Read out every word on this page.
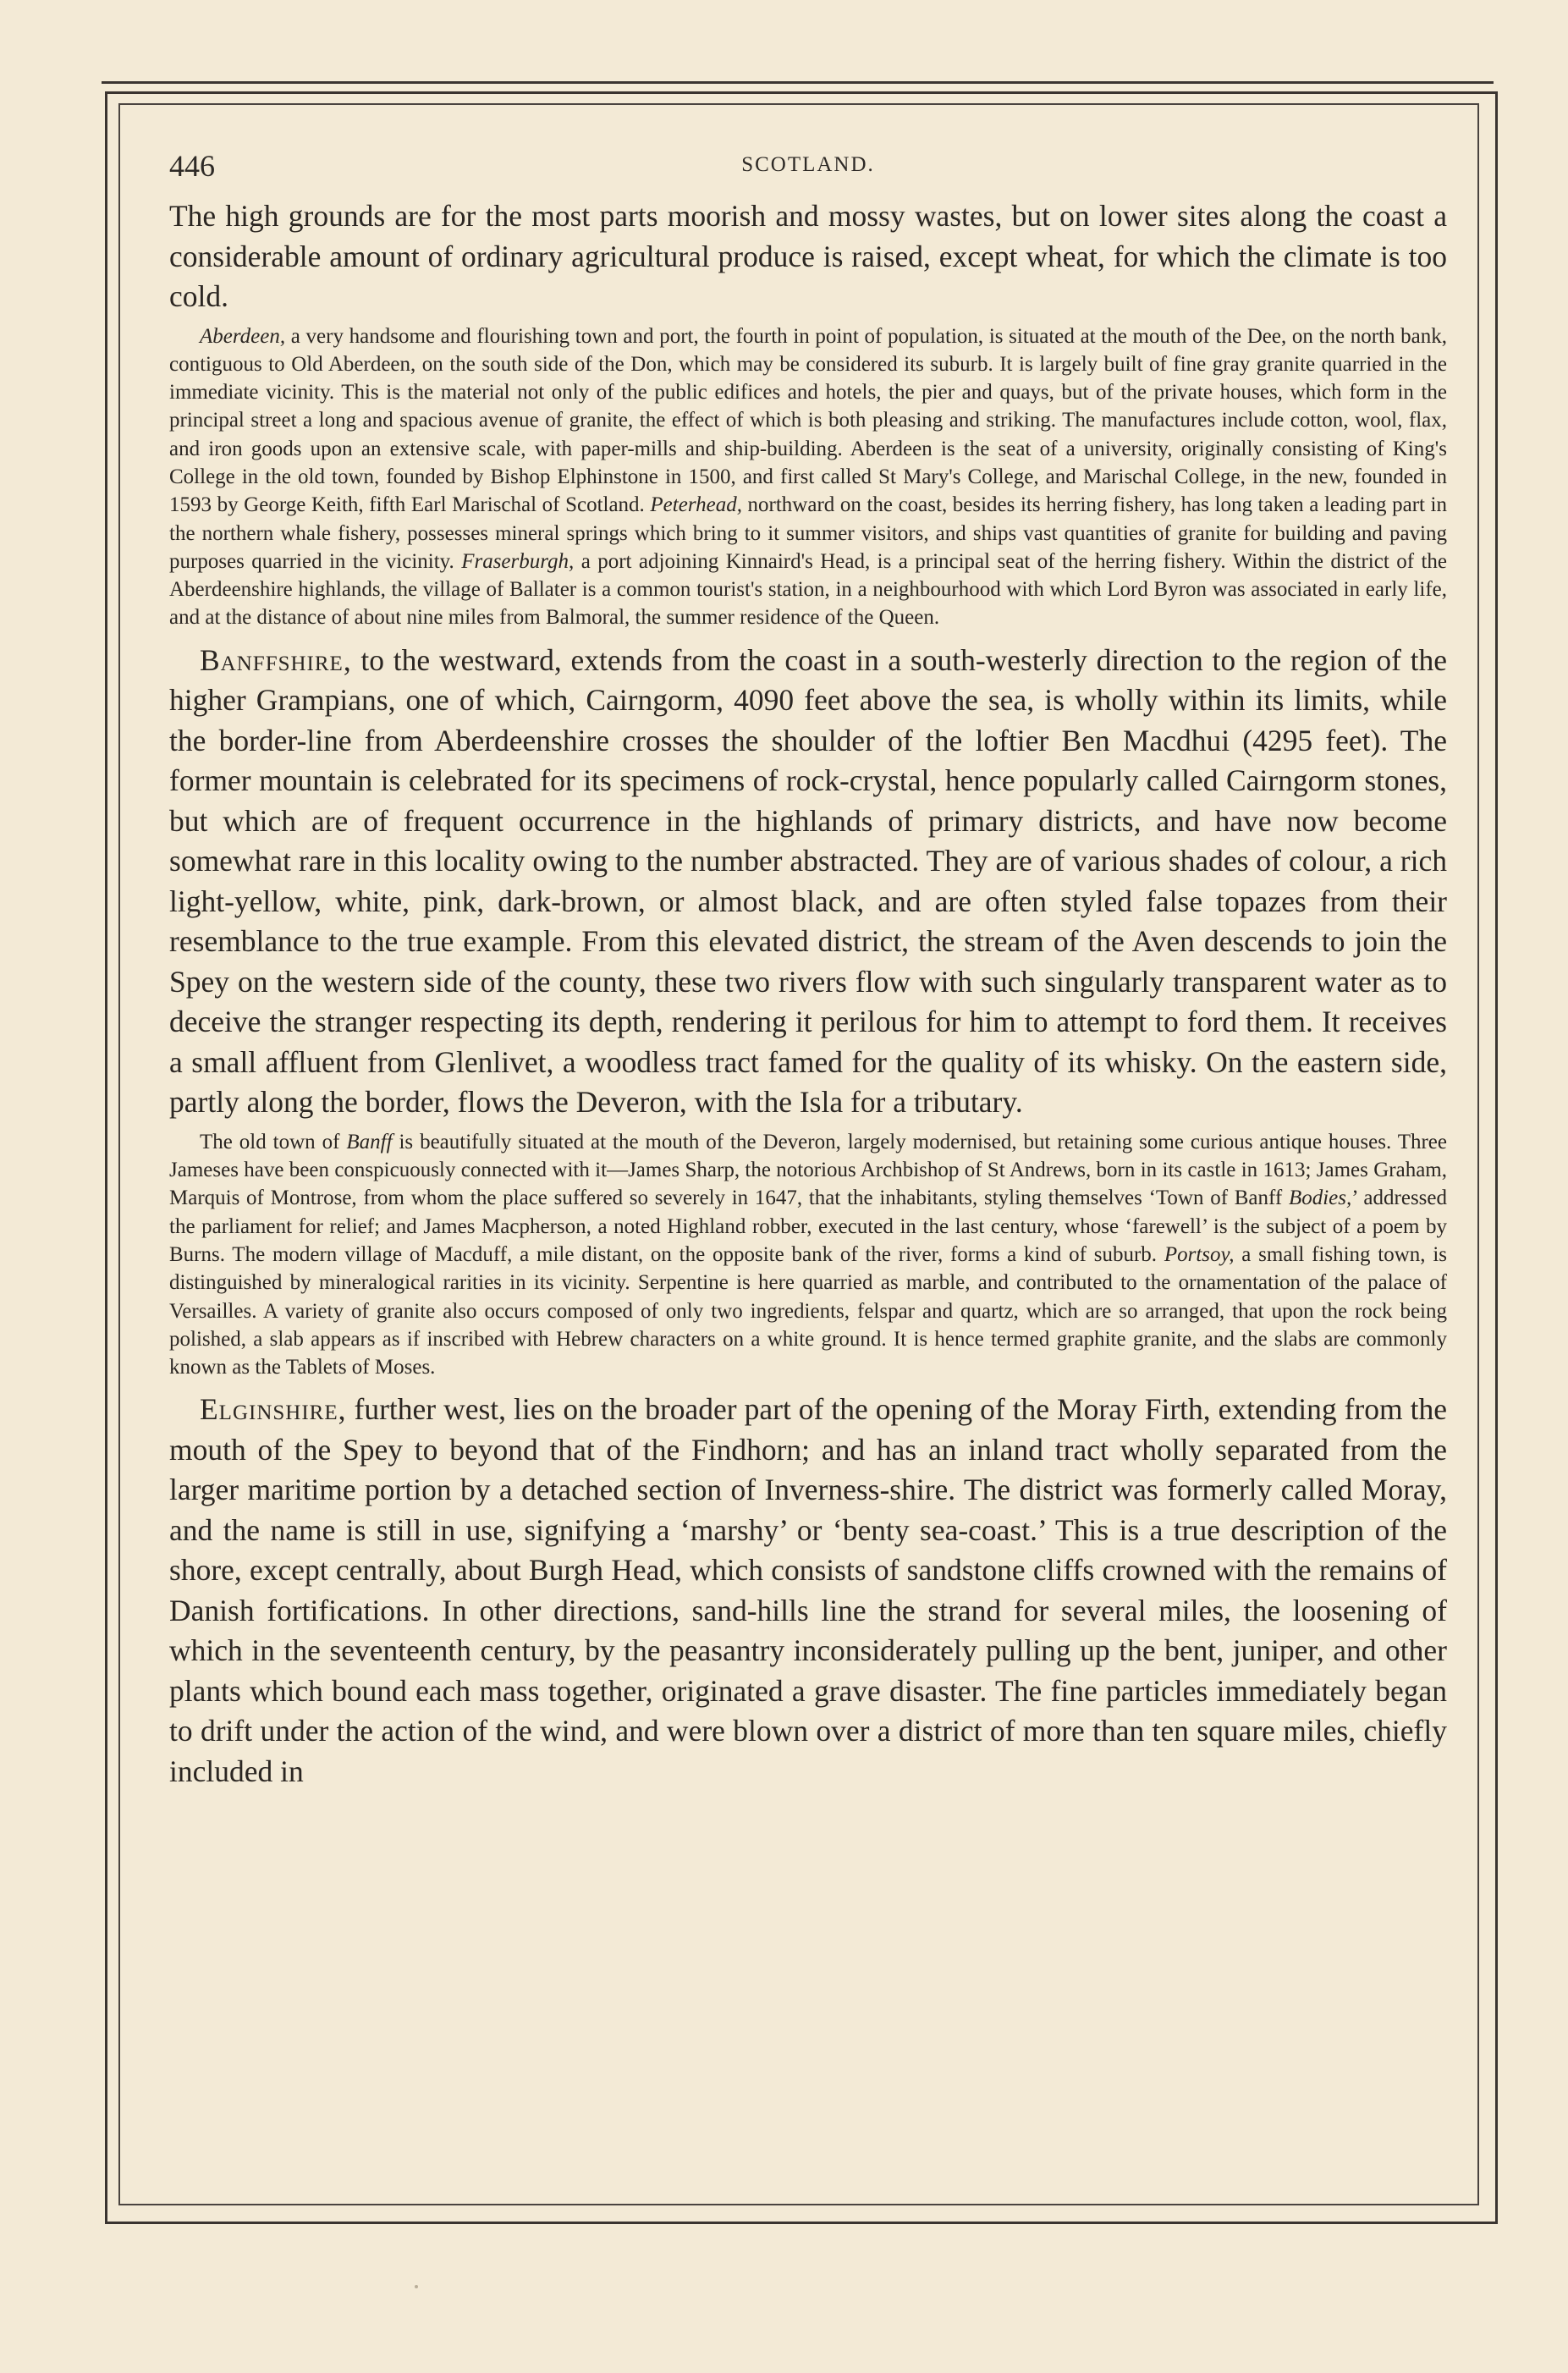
446	SCOTLAND.

The high grounds are for the most parts moorish and mossy wastes, but on lower sites along the coast a considerable amount of ordinary agricultural produce is raised, except wheat, for which the climate is too cold.

Aberdeen, a very handsome and flourishing town and port, the fourth in point of population, is situated at the mouth of the Dee, on the north bank, contiguous to Old Aberdeen, on the south side of the Don, which may be considered its suburb. It is largely built of fine gray granite quarried in the immediate vicinity. This is the material not only of the public edifices and hotels, the pier and quays, but of the private houses, which form in the principal street a long and spacious avenue of granite, the effect of which is both pleasing and striking. The manufactures include cotton, wool, flax, and iron goods upon an extensive scale, with paper-mills and ship-building. Aberdeen is the seat of a university, originally consisting of King's College in the old town, founded by Bishop Elphinstone in 1500, and first called St Mary's College, and Marischal College, in the new, founded in 1593 by George Keith, fifth Earl Marischal of Scotland. Peterhead, northward on the coast, besides its herring fishery, has long taken a leading part in the northern whale fishery, possesses mineral springs which bring to it summer visitors, and ships vast quantities of granite for building and paving purposes quarried in the vicinity. Fraserburgh, a port adjoining Kinnaird's Head, is a principal seat of the herring fishery. Within the district of the Aberdeenshire highlands, the village of Ballater is a common tourist's station, in a neighbourhood with which Lord Byron was associated in early life, and at the distance of about nine miles from Balmoral, the summer residence of the Queen.

Banffshire, to the westward, extends from the coast in a south-westerly direction to the region of the higher Grampians, one of which, Cairngorm, 4090 feet above the sea, is wholly within its limits, while the border-line from Aberdeenshire crosses the shoulder of the loftier Ben Macdhui (4295 feet). The former mountain is celebrated for its specimens of rock-crystal, hence popularly called Cairngorm stones, but which are of frequent occurrence in the highlands of primary districts, and have now become somewhat rare in this locality owing to the number abstracted. They are of various shades of colour, a rich light-yellow, white, pink, dark-brown, or almost black, and are often styled false topazes from their resemblance to the true example. From this elevated district, the stream of the Aven descends to join the Spey on the western side of the county, these two rivers flow with such singularly transparent water as to deceive the stranger respecting its depth, rendering it perilous for him to attempt to ford them. It receives a small affluent from Glenlivet, a woodless tract famed for the quality of its whisky. On the eastern side, partly along the border, flows the Deveron, with the Isla for a tributary.

The old town of Banff is beautifully situated at the mouth of the Deveron, largely modernised, but retaining some curious antique houses. Three Jameses have been conspicuously connected with it—James Sharp, the notorious Archbishop of St Andrews, born in its castle in 1613; James Graham, Marquis of Montrose, from whom the place suffered so severely in 1647, that the inhabitants, styling themselves ‘Town of Banff Bodies,’ addressed the parliament for relief; and James Macpherson, a noted Highland robber, executed in the last century, whose ‘farewell’ is the subject of a poem by Burns. The modern village of Macduff, a mile distant, on the opposite bank of the river, forms a kind of suburb. Portsoy, a small fishing town, is distinguished by mineralogical rarities in its vicinity. Serpentine is here quarried as marble, and contributed to the ornamentation of the palace of Versailles. A variety of granite also occurs composed of only two ingredients, felspar and quartz, which are so arranged, that upon the rock being polished, a slab appears as if inscribed with Hebrew characters on a white ground. It is hence termed graphite granite, and the slabs are commonly known as the Tablets of Moses.

Elginshire, further west, lies on the broader part of the opening of the Moray Firth, extending from the mouth of the Spey to beyond that of the Findhorn; and has an inland tract wholly separated from the larger maritime portion by a detached section of Inverness-shire. The district was formerly called Moray, and the name is still in use, signifying a ‘marshy’ or ‘benty sea-coast.’ This is a true description of the shore, except centrally, about Burgh Head, which consists of sandstone cliffs crowned with the remains of Danish fortifications. In other directions, sand-hills line the strand for several miles, the loosening of which in the seventeenth century, by the peasantry inconsiderately pulling up the bent, juniper, and other plants which bound each mass together, originated a grave disaster. The fine particles immediately began to drift under the action of the wind, and were blown over a district of more than ten square miles, chiefly included in
